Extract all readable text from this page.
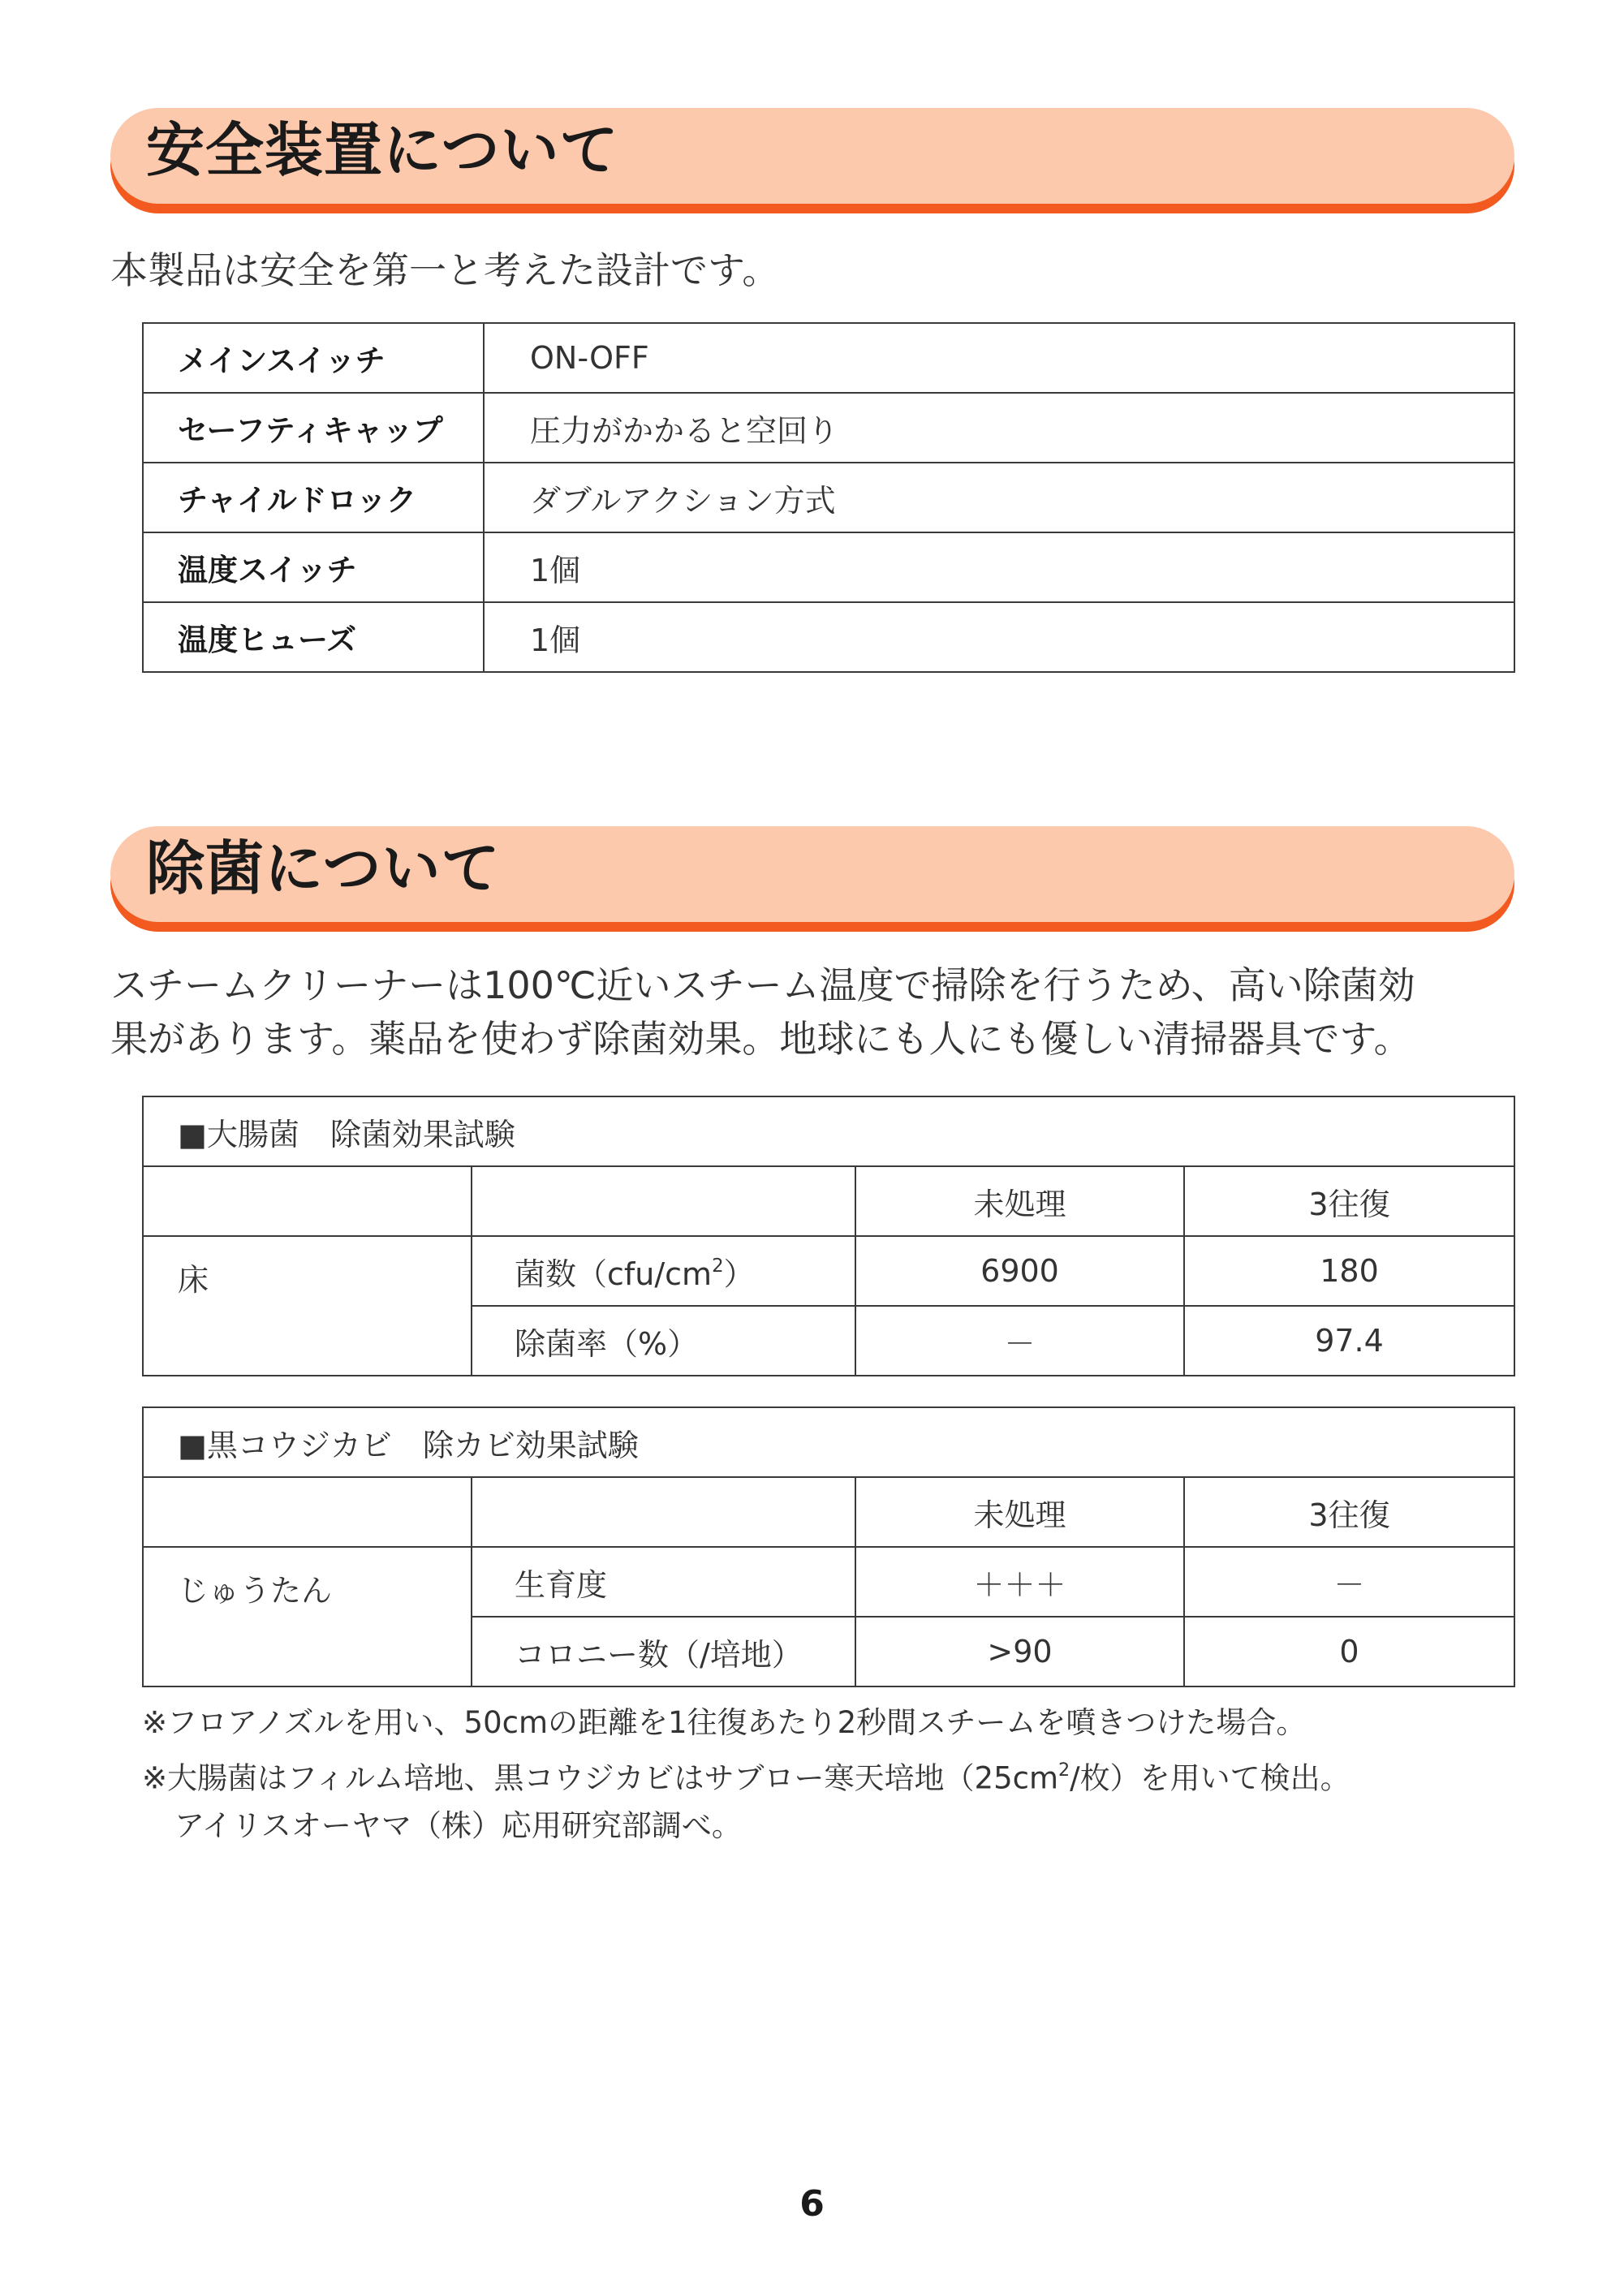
安全装置について
本製品は安全を第一と考えた設計です。
メインスイッチ	ON-OFF
セーフティキャップ	圧力がかかると空回り
チャイルドロック	ダブルアクション方式
温度スイッチ	1個
温度ヒューズ	1個
除菌について
スチームクリーナーは100℃近いスチーム温度で掃除を行うため、高い除菌効
果があります。薬品を使わず除菌効果。地球にも人にも優しい清掃器具です。
■大腸菌　除菌効果試験			
		未処理	3往復
床	菌数$(cfu/cm^2)$	6900	180
	除菌率（%）	－	97.4
■黒コウジカビ　除カビ効果試験			
		未処理	3往復
じゅうたん	生育度	＋＋＋	－
	コロニー数（/培地）	>90	0
※フロアノズルを用い、50cmの距離を1往復あたり2秒間スチームを噴きつけた場合。
※大腸菌はフィルム培地、黒コウジカビはサブロー寒天培地（$25cm^2/$枚）を用いて検出。
アイリスオーヤマ（株）応用研究部調べ。
6
